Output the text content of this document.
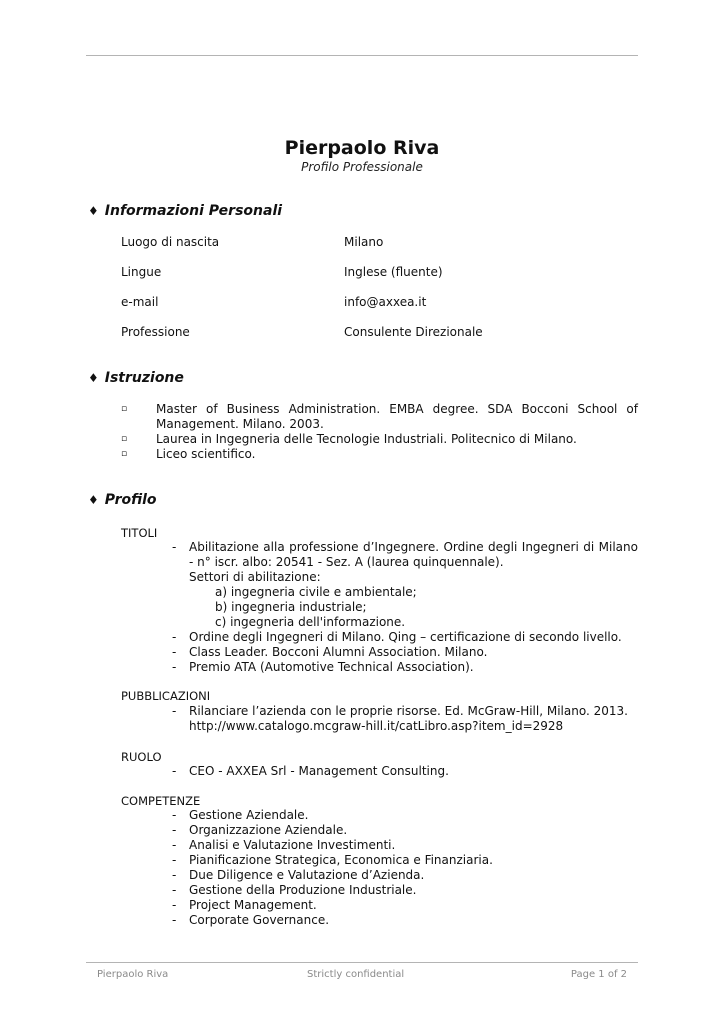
Pierpaolo Riva
Profilo Professionale
♦ Informazioni Personali
Luogo di nascita	Milano
Lingue	Inglese (fluente)
e-mail	info@axxea.it
Professione	Consulente Direzionale
♦ Istruzione
▫ Master of Business Administration. EMBA degree. SDA Bocconi School of Management. Milano. 2003.
▫ Laurea in Ingegneria delle Tecnologie Industriali. Politecnico di Milano.
▫ Liceo scientifico.
♦ Profilo
TITOLI
- Abilitazione alla professione d’Ingegnere. Ordine degli Ingegneri di Milano - n° iscr. albo: 20541 - Sez. A (laurea quinquennale).
Settori di abilitazione:
a) ingegneria civile e ambientale;
b) ingegneria industriale;
c) ingegneria dell'informazione.
- Ordine degli Ingegneri di Milano. Qing – certificazione di secondo livello.
- Class Leader. Bocconi Alumni Association. Milano.
- Premio ATA (Automotive Technical Association).
PUBBLICAZIONI
- Rilanciare l’azienda con le proprie risorse. Ed. McGraw-Hill, Milano. 2013.
http://www.catalogo.mcgraw-hill.it/catLibro.asp?item_id=2928
RUOLO
- CEO - AXXEA Srl - Management Consulting.
COMPETENZE
- Gestione Aziendale.
- Organizzazione Aziendale.
- Analisi e Valutazione Investimenti.
- Pianificazione Strategica, Economica e Finanziaria.
- Due Diligence e Valutazione d’Azienda.
- Gestione della Produzione Industriale.
- Project Management.
- Corporate Governance.
Pierpaolo Riva	Strictly confidential	Page 1 of 2
